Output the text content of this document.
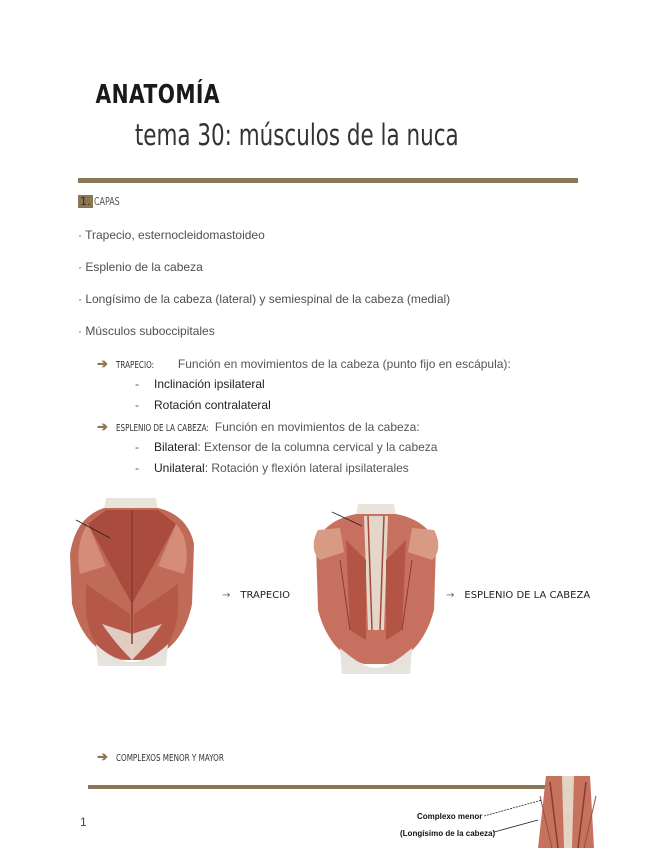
ANATOMÍA
tema 30: músculos de la nuca
1. CAPAS
· Trapecio, esternocleidomastoideo
· Esplenio de la cabeza
· Longísimo de la cabeza (lateral) y semiespinal de la cabeza (medial)
· Músculos suboccipitales
➔ TRAPECIO: Función en movimientos de la cabeza (punto fijo en escápula):
- Inclinación ipsilateral
- Rotación contralateral
➔ ESPLENIO DE LA CABEZA: Función en movimientos de la cabeza:
- Bilateral: Extensor de la columna cervical y la cabeza
- Unilateral: Rotación y flexión lateral ipsilaterales
→ TRAPECIO	→ ESPLENIO DE LA CABEZA
➔ COMPLEXOS MENOR Y MAYOR
Complexo menor
(Longísimo de la cabeza)
1
